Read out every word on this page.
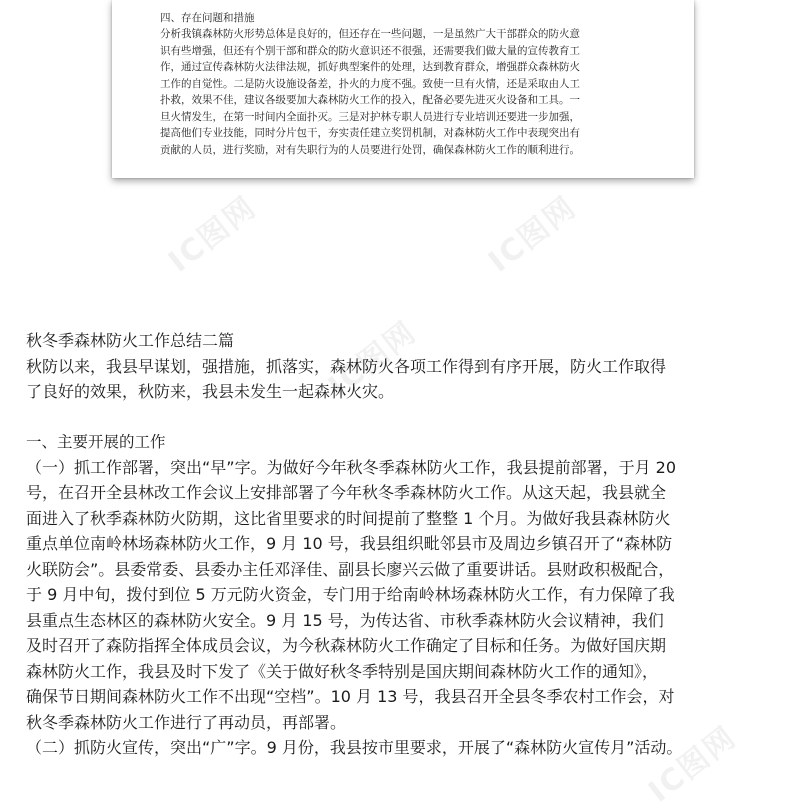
四、存在问题和措施

分析我镇森林防火形势总体是良好的，但还存在一些问题，一是虽然广大干部群众的防火意

识有些增强，但还有个别干部和群众的防火意识还不很强，还需要我们做大量的宣传教育工

作，通过宣传森林防火法律法规，抓好典型案件的处理，达到教育群众，增强群众森林防火

工作的自觉性。二是防火设施设备差，扑火的力度不强。致使一旦有火情，还是采取由人工

扑救，效果不佳，建议各级要加大森林防火工作的投入，配备必要先进灭火设备和工具。一

旦火情发生，在第一时间内全面扑灭。三是对护林专职人员进行专业培训还要进一步加强，

提高他们专业技能，同时分片包干，夯实责任建立奖罚机制，对森林防火工作中表现突出有

贡献的人员，进行奖励，对有失职行为的人员要进行处罚，确保森林防火工作的顺利进行。

IC图网	IC图网
IC图网
IC图网

秋冬季森林防火工作总结二篇

秋防以来，我县早谋划，强措施，抓落实，森林防火各项工作得到有序开展，防火工作取得

了良好的效果，秋防来，我县未发生一起森林火灾。

一、主要开展的工作

（一）抓工作部署，突出“早”字。为做好今年秋冬季森林防火工作，我县提前部署，于月 20

号，在召开全县林改工作会议上安排部署了今年秋冬季森林防火工作。从这天起，我县就全

面进入了秋季森林防火防期，这比省里要求的时间提前了整整 1 个月。为做好我县森林防火

重点单位南岭林场森林防火工作，9 月 10 号，我县组织毗邻县市及周边乡镇召开了“森林防

火联防会”。县委常委、县委办主任邓泽佳、副县长廖兴云做了重要讲话。县财政积极配合，

于 9 月中旬，拨付到位 5 万元防火资金，专门用于给南岭林场森林防火工作，有力保障了我

县重点生态林区的森林防火安全。9 月 15 号，为传达省、市秋季森林防火会议精神，我们

及时召开了森防指挥全体成员会议，为今秋森林防火工作确定了目标和任务。为做好国庆期

森林防火工作，我县及时下发了《关于做好秋冬季特别是国庆期间森林防火工作的通知》，

确保节日期间森林防火工作不出现“空档”。10 月 13 号，我县召开全县冬季农村工作会，对

秋冬季森林防火工作进行了再动员，再部署。

（二）抓防火宣传，突出“广”字。9 月份，我县按市里要求，开展了“森林防火宣传月”活动。
